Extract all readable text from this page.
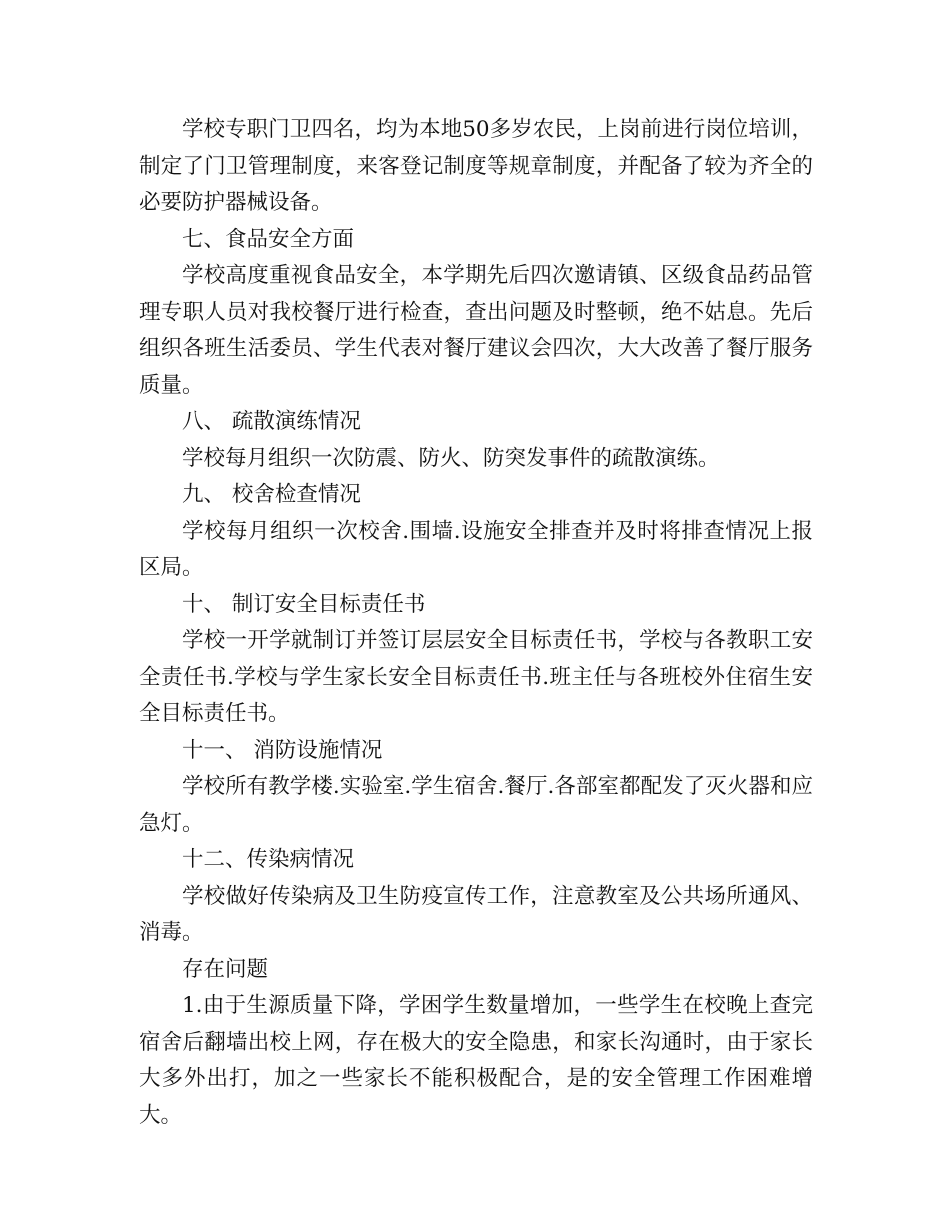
学校专职门卫四名，均为本地50多岁农民，上岗前进行岗位培训，制定了门卫管理制度，来客登记制度等规章制度，并配备了较为齐全的必要防护器械设备。

七、食品安全方面

学校高度重视食品安全，本学期先后四次邀请镇、区级食品药品管理专职人员对我校餐厅进行检查，查出问题及时整顿，绝不姑息。先后组织各班生活委员、学生代表对餐厅建议会四次，大大改善了餐厅服务质量。

八、 疏散演练情况

学校每月组织一次防震、防火、防突发事件的疏散演练。

九、 校舍检查情况

学校每月组织一次校舍.围墙.设施安全排查并及时将排查情况上报区局。

十、 制订安全目标责任书

学校一开学就制订并签订层层安全目标责任书，学校与各教职工安全责任书.学校与学生家长安全目标责任书.班主任与各班校外住宿生安全目标责任书。

十一、 消防设施情况

学校所有教学楼.实验室.学生宿舍.餐厅.各部室都配发了灭火器和应急灯。

十二、传染病情况

学校做好传染病及卫生防疫宣传工作，注意教室及公共场所通风、消毒。

存在问题

1.由于生源质量下降，学困学生数量增加，一些学生在校晚上查完宿舍后翻墙出校上网，存在极大的安全隐患，和家长沟通时，由于家长大多外出打，加之一些家长不能积极配合，是的安全管理工作困难增大。
